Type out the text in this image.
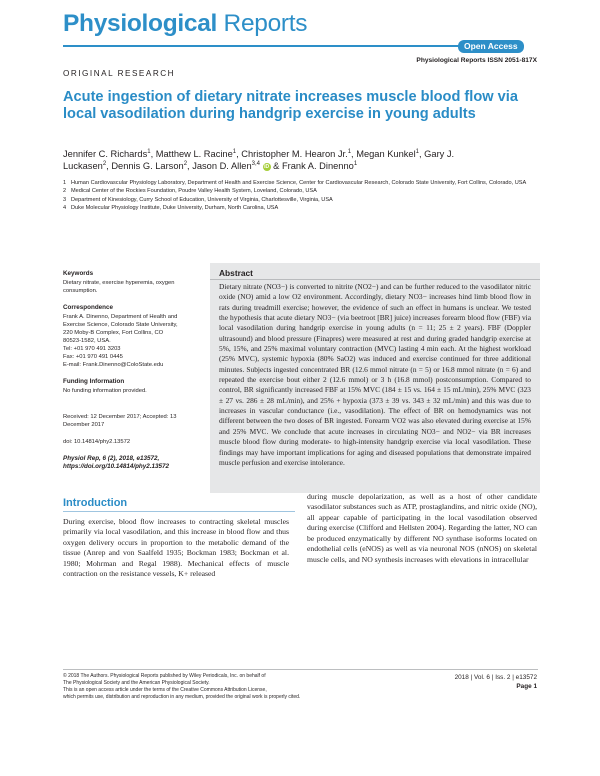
Physiological Reports
Open Access
Physiological Reports ISSN 2051-817X
ORIGINAL RESEARCH
Acute ingestion of dietary nitrate increases muscle blood flow via local vasodilation during handgrip exercise in young adults
Jennifer C. Richards$^1$, Matthew L. Racine$^1$, Christopher M. Hearon Jr.$^1$, Megan Kunkel$^1$, Gary J. Luckasen$^2$, Dennis G. Larson$^2$, Jason D. Allen$^{3,4}$ iD & Frank A. Dinenno$^1$
1 Human Cardiovascular Physiology Laboratory, Department of Health and Exercise Science, Center for Cardiovascular Research, Colorado State University, Fort Collins, Colorado, USA
2 Medical Center of the Rockies Foundation, Poudre Valley Health System, Loveland, Colorado, USA
3 Department of Kinesiology, Curry School of Education, University of Virginia, Charlottesville, Virginia, USA
4 Duke Molecular Physiology Institute, Duke University, Durham, North Carolina, USA
Keywords
Dietary nitrate, exercise hyperemia, oxygen consumption.
Correspondence
Frank A. Dinenno, Department of Health and
Exercise Science, Colorado State University,
220 Moby-B Complex, Fort Collins, CO
80523-1582, USA.
Tel: +01 970 491 3203
Fax: +01 970 491 0445
E-mail: Frank.Dinenno@ColoState.edu
Funding Information
No funding information provided.
Received: 12 December 2017; Accepted: 13 December 2017
doi: 10.14814/phy2.13572
Physiol Rep, 6 (2), 2018, e13572,
https://doi.org/10.14814/phy2.13572
Abstract

Dietary nitrate (NO3−) is converted to nitrite (NO2−) and can be further reduced to the vasodilator nitric oxide (NO) amid a low O2 environment. Accordingly, dietary NO3− increases hind limb blood flow in rats during treadmill exercise; however, the evidence of such an effect in humans is unclear. We tested the hypothesis that acute dietary NO3− (via beetroot [BR] juice) increases forearm blood flow (FBF) via local vasodilation during handgrip exercise in young adults (n = 11; 25 ± 2 years). FBF (Doppler ultrasound) and blood pressure (Finapres) were measured at rest and during graded handgrip exercise at 5%, 15%, and 25% maximal voluntary contraction (MVC) lasting 4 min each. At the highest workload (25% MVC), systemic hypoxia (80% SaO2) was induced and exercise continued for three additional minutes. Subjects ingested concentrated BR (12.6 mmol nitrate (n = 5) or 16.8 mmol nitrate (n = 6) and repeated the exercise bout either 2 (12.6 mmol) or 3 h (16.8 mmol) postconsumption. Compared to control, BR significantly increased FBF at 15% MVC (184 ± 15 vs. 164 ± 15 mL/min), 25% MVC (323 ± 27 vs. 286 ± 28 mL/min), and 25% + hypoxia (373 ± 39 vs. 343 ± 32 mL/min) and this was due to increases in vascular conductance (i.e., vasodilation). The effect of BR on hemodynamics was not different between the two doses of BR ingested. Forearm VO2 was also elevated during exercise at 15% and 25% MVC. We conclude that acute increases in circulating NO3− and NO2− via BR increases muscle blood flow during moderate- to high-intensity handgrip exercise via local vasodilation. These findings may have important implications for aging and diseased populations that demonstrate impaired muscle perfusion and exercise intolerance.

Introduction

During exercise, blood flow increases to contracting skeletal muscles primarily via local vasodilation, and this increase in blood flow and thus oxygen delivery occurs in proportion to the metabolic demand of the tissue (Anrep and von Saalfeld 1935; Bockman 1983; Bockman et al. 1980; Mohrman and Regal 1988). Mechanical effects of muscle contraction on the resistance vessels, K+ released

during muscle depolarization, as well as a host of other candidate vasodilator substances such as ATP, prostaglandins, and nitric oxide (NO), all appear capable of participating in the local vasodilation observed during exercise (Clifford and Hellsten 2004). Regarding the latter, NO can be produced enzymatically by different NO synthase isoforms located on endothelial cells (eNOS) as well as via neuronal NOS (nNOS) on skeletal muscle cells, and NO synthesis increases with elevations in intracellular

© 2018 The Authors. Physiological Reports published by Wiley Periodicals, Inc. on behalf of
The Physiological Society and the American Physiological Society.
This is an open access article under the terms of the Creative Commons Attribution License,
which permits use, distribution and reproduction in any medium, provided the original work is properly cited.
2018 | Vol. 6 | Iss. 2 | e13572
Page 1
